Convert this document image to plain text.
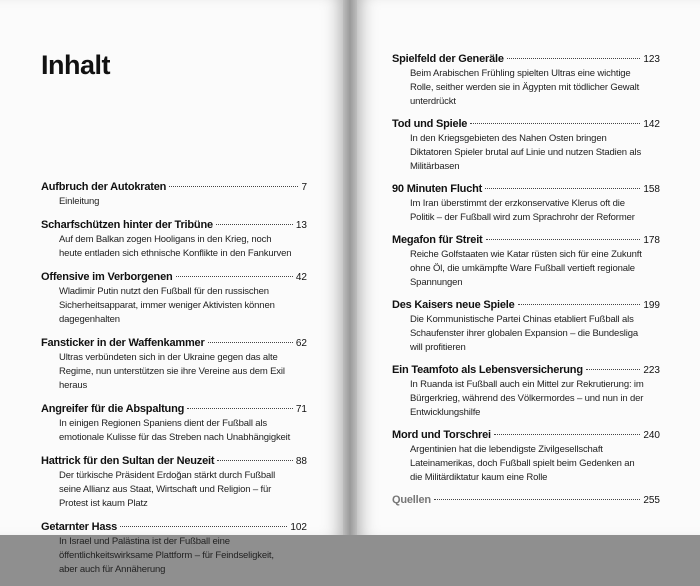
Inhalt
Aufbruch der Autokraten	7
Einleitung
Scharfschützen hinter der Tribüne	13
Auf dem Balkan zogen Hooligans in den Krieg, noch heute entladen sich ethnische Konflikte in den Fankurven
Offensive im Verborgenen	42
Wladimir Putin nutzt den Fußball für den russischen Sicherheitsapparat, immer weniger Aktivisten können dagegenhalten
Fansticker in der Waffenkammer	62
Ultras verbündeten sich in der Ukraine gegen das alte Regime, nun unterstützen sie ihre Vereine aus dem Exil heraus
Angreifer für die Abspaltung	71
In einigen Regionen Spaniens dient der Fußball als emotionale Kulisse für das Streben nach Unabhängigkeit
Hattrick für den Sultan der Neuzeit	88
Der türkische Präsident Erdoğan stärkt durch Fußball seine Allianz aus Staat, Wirtschaft und Religion – für Protest ist kaum Platz
Getarnter Hass	102
In Israel und Palästina ist der Fußball eine öffentlichkeitswirksame Plattform – für Feindseligkeit, aber auch für Annäherung
Spielfeld der Generäle	123
Beim Arabischen Frühling spielten Ultras eine wichtige Rolle, seither werden sie in Ägypten mit tödlicher Gewalt unterdrückt
Tod und Spiele	142
In den Kriegsgebieten des Nahen Osten bringen Diktatoren Spieler brutal auf Linie und nutzen Stadien als Militärbasen
90 Minuten Flucht	158
Im Iran überstimmt der erzkonservative Klerus oft die Politik – der Fußball wird zum Sprachrohr der Reformer
Megafon für Streit	178
Reiche Golfstaaten wie Katar rüsten sich für eine Zukunft ohne Öl, die umkämpfte Ware Fußball vertieft regionale Spannungen
Des Kaisers neue Spiele	199
Die Kommunistische Partei Chinas etabliert Fußball als Schaufenster ihrer globalen Expansion – die Bundesliga will profitieren
Ein Teamfoto als Lebensversicherung	223
In Ruanda ist Fußball auch ein Mittel zur Rekrutierung: im Bürgerkrieg, während des Völkermordes – und nun in der Entwicklungshilfe
Mord und Torschrei	240
Argentinien hat die lebendigste Zivilgesellschaft Lateinamerikas, doch Fußball spielt beim Gedenken an die Militärdiktatur kaum eine Rolle
Quellen	255
